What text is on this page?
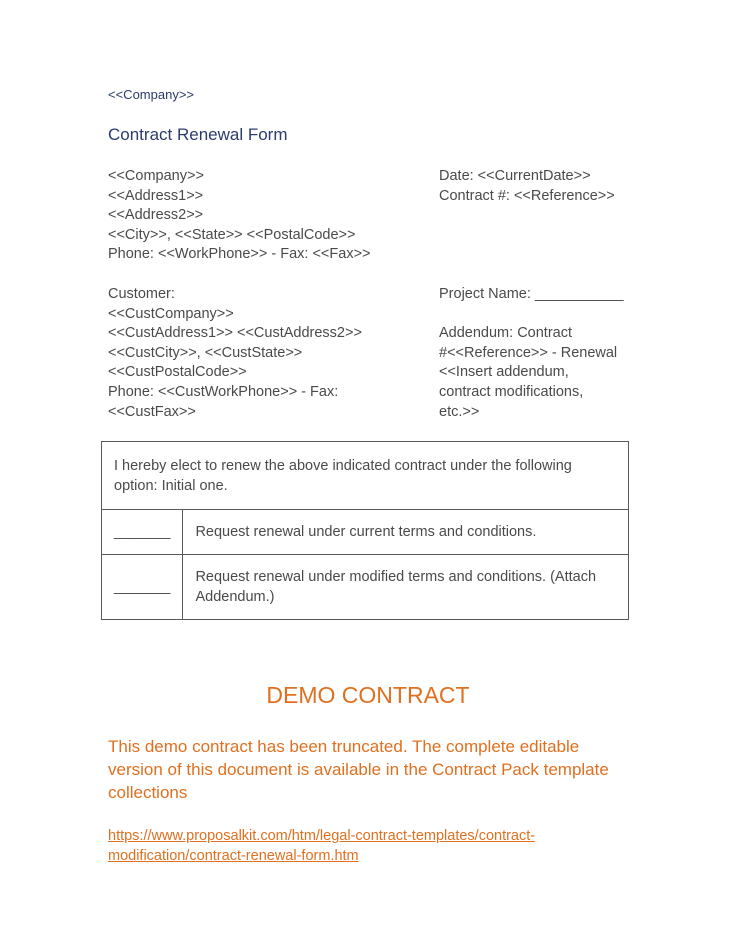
<<Company>>
Contract Renewal Form
<<Company>>
<<Address1>>
<<Address2>>
<<City>>, <<State>> <<PostalCode>>
Phone: <<WorkPhone>> - Fax: <<Fax>>
Date: <<CurrentDate>>
Contract #: <<Reference>>
Customer:
<<CustCompany>>
<<CustAddress1>> <<CustAddress2>>
<<CustCity>>, <<CustState>>
<<CustPostalCode>>
Phone: <<CustWorkPhone>> - Fax:
<<CustFax>>
Project Name: ___________
Addendum: Contract
#<<Reference>> - Renewal
<<Insert addendum,
contract modifications,
etc.>>
I hereby elect to renew the above indicated contract under the following option: Initial one.	
_______	Request renewal under current terms and conditions.
_______	Request renewal under modified terms and conditions. (Attach Addendum.)
DEMO CONTRACT
This demo contract has been truncated. The complete editable version of this document is available in the Contract Pack template collections
https://www.proposalkit.com/htm/legal-contract-templates/contract-modification/contract-renewal-form.htm
